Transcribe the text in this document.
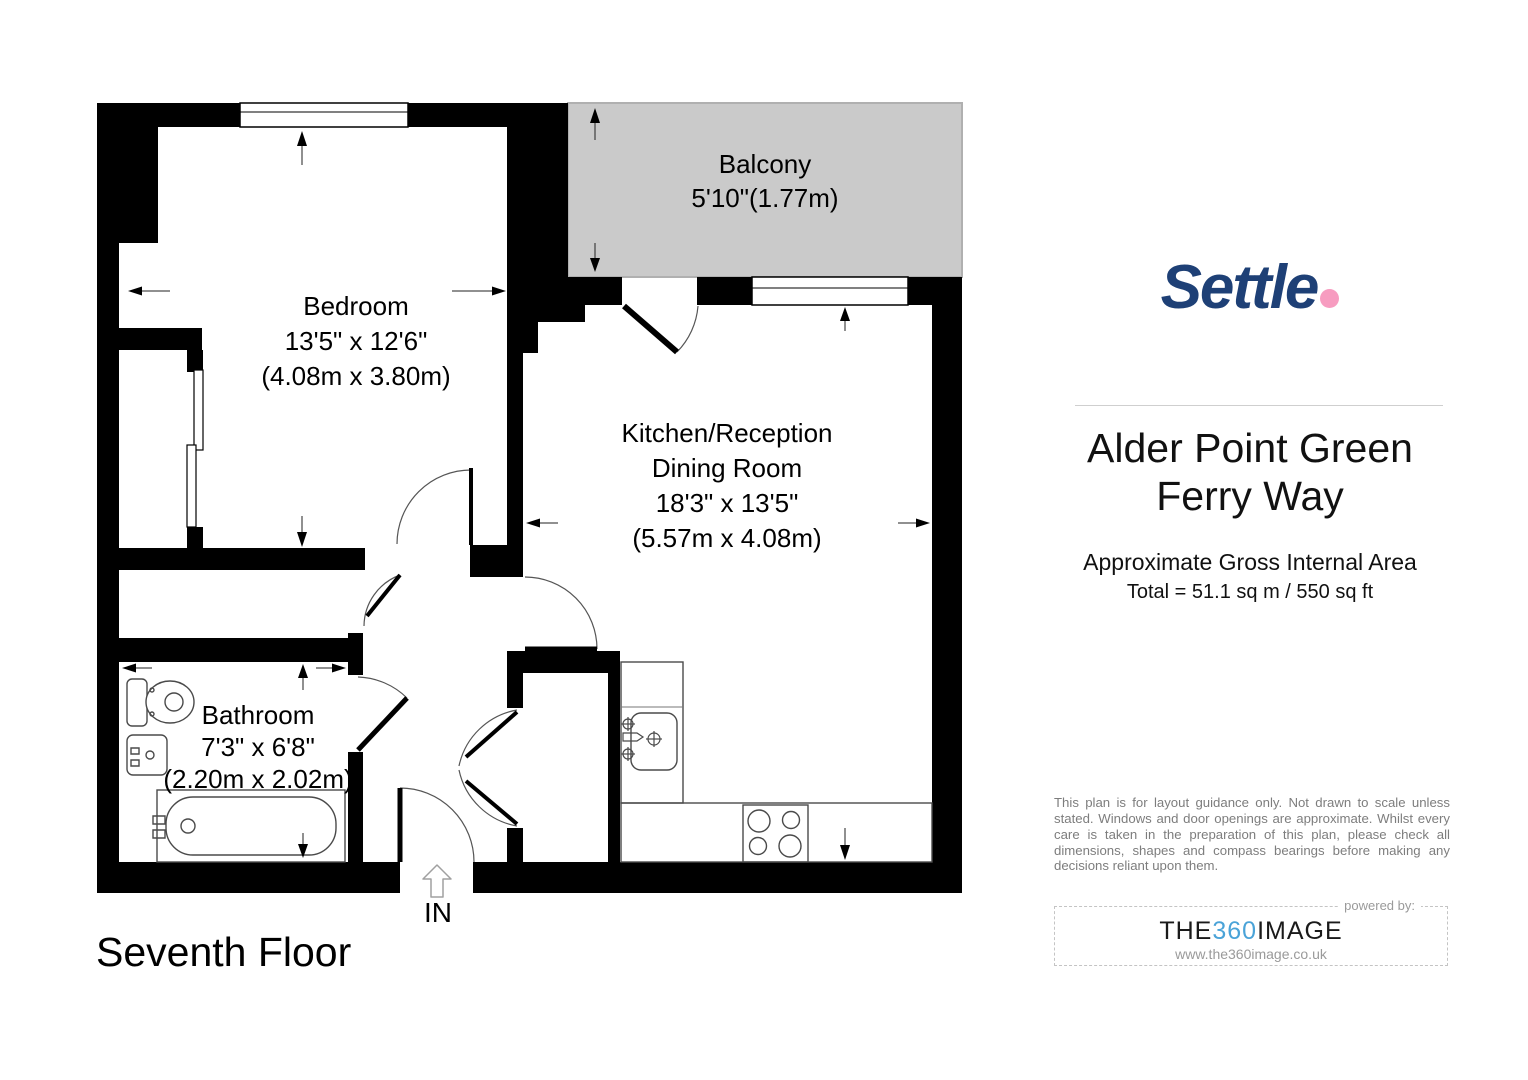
Balcony
5'10"(1.77m)
Bedroom
13'5" x 12'6"
(4.08m x 3.80m)
Kitchen/Reception
Dining Room
18'3" x 13'5"
(5.57m x 4.08m)
Bathroom
7'3" x 6'8"
(2.20m x 2.02m)
IN
Seventh Floor
Settle
Alder Point Green
Ferry Way
Approximate Gross Internal Area
Total = 51.1 sq m / 550 sq ft
This plan is for layout guidance only. Not drawn to scale unless stated. Windows and door openings are approximate. Whilst every care is taken in the preparation of this plan, please check all dimensions, shapes and compass bearings before making any decisions reliant upon them.
powered by:
THE360IMAGE
www.the360image.co.uk
